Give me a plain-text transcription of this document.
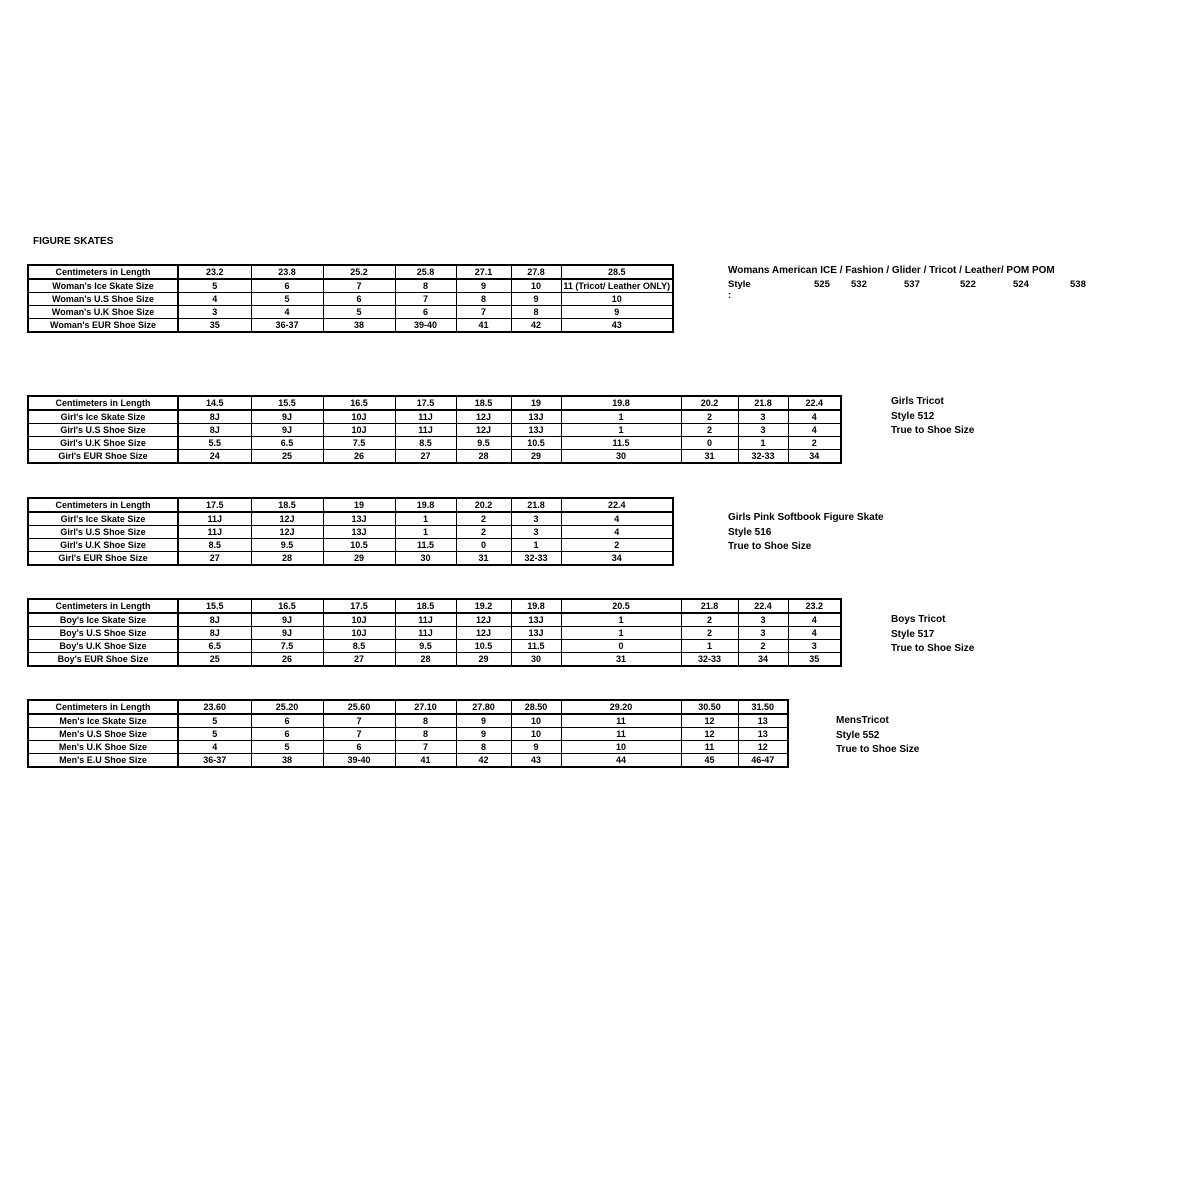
FIGURE SKATES
Centimeters in Length	23.2	23.8	25.2	25.8	27.1	27.8	28.5
Woman's Ice Skate Size	5	6	7	8	9	10	11 (Tricot/ Leather ONLY)
Woman's U.S Shoe Size	4	5	6	7	8	9	10
Woman's U.K Shoe Size	3	4	5	6	7	8	9
Woman's EUR Shoe Size	35	36-37	38	39-40	41	42	43
Womans American ICE / Fashion / Glider / Tricot / Leather/ POM POM
Style :
525 532	537	522	524	538
Centimeters in Length	14.5	15.5	16.5	17.5	18.5	19	19.8	20.2	21.8	22.4
Girl's Ice Skate Size	8J	9J	10J	11J	12J	13J	1	2	3	4
Girl's U.S Shoe Size	8J	9J	10J	11J	12J	13J	1	2	3	4
Girl's U.K Shoe Size	5.5	6.5	7.5	8.5	9.5	10.5	11.5	0	1	2
Girl's EUR Shoe Size	24	25	26	27	28	29	30	31	32-33	34
Girls Tricot
Style 512
True to Shoe Size
Centimeters in Length	17.5	18.5	19	19.8	20.2	21.8	22.4
Girl's Ice Skate Size	11J	12J	13J	1	2	3	4
Girl's U.S Shoe Size	11J	12J	13J	1	2	3	4
Girl's U.K Shoe Size	8.5	9.5	10.5	11.5	0	1	2
Girl's EUR Shoe Size	27	28	29	30	31	32-33	34
Girls Pink Softbook Figure Skate
Style 516
True to Shoe Size
Centimeters in Length	15.5	16.5	17.5	18.5	19.2	19.8	20.5	21.8	22.4	23.2
Boy's Ice Skate Size	8J	9J	10J	11J	12J	13J	1	2	3	4
Boy's U.S Shoe Size	8J	9J	10J	11J	12J	13J	1	2	3	4
Boy's U.K Shoe Size	6.5	7.5	8.5	9.5	10.5	11.5	0	1	2	3
Boy's EUR Shoe Size	25	26	27	28	29	30	31	32-33	34	35
Boys Tricot
Style 517
True to Shoe Size
Centimeters in Length	23.60	25.20	25.60	27.10	27.80	28.50	29.20	30.50	31.50
Men's Ice Skate Size	5	6	7	8	9	10	11	12	13
Men's U.S Shoe Size	5	6	7	8	9	10	11	12	13
Men's U.K Shoe Size	4	5	6	7	8	9	10	11	12
Men's E.U Shoe Size	36-37	38	39-40	41	42	43	44	45	46-47
MensTricot
Style 552
True to Shoe Size
